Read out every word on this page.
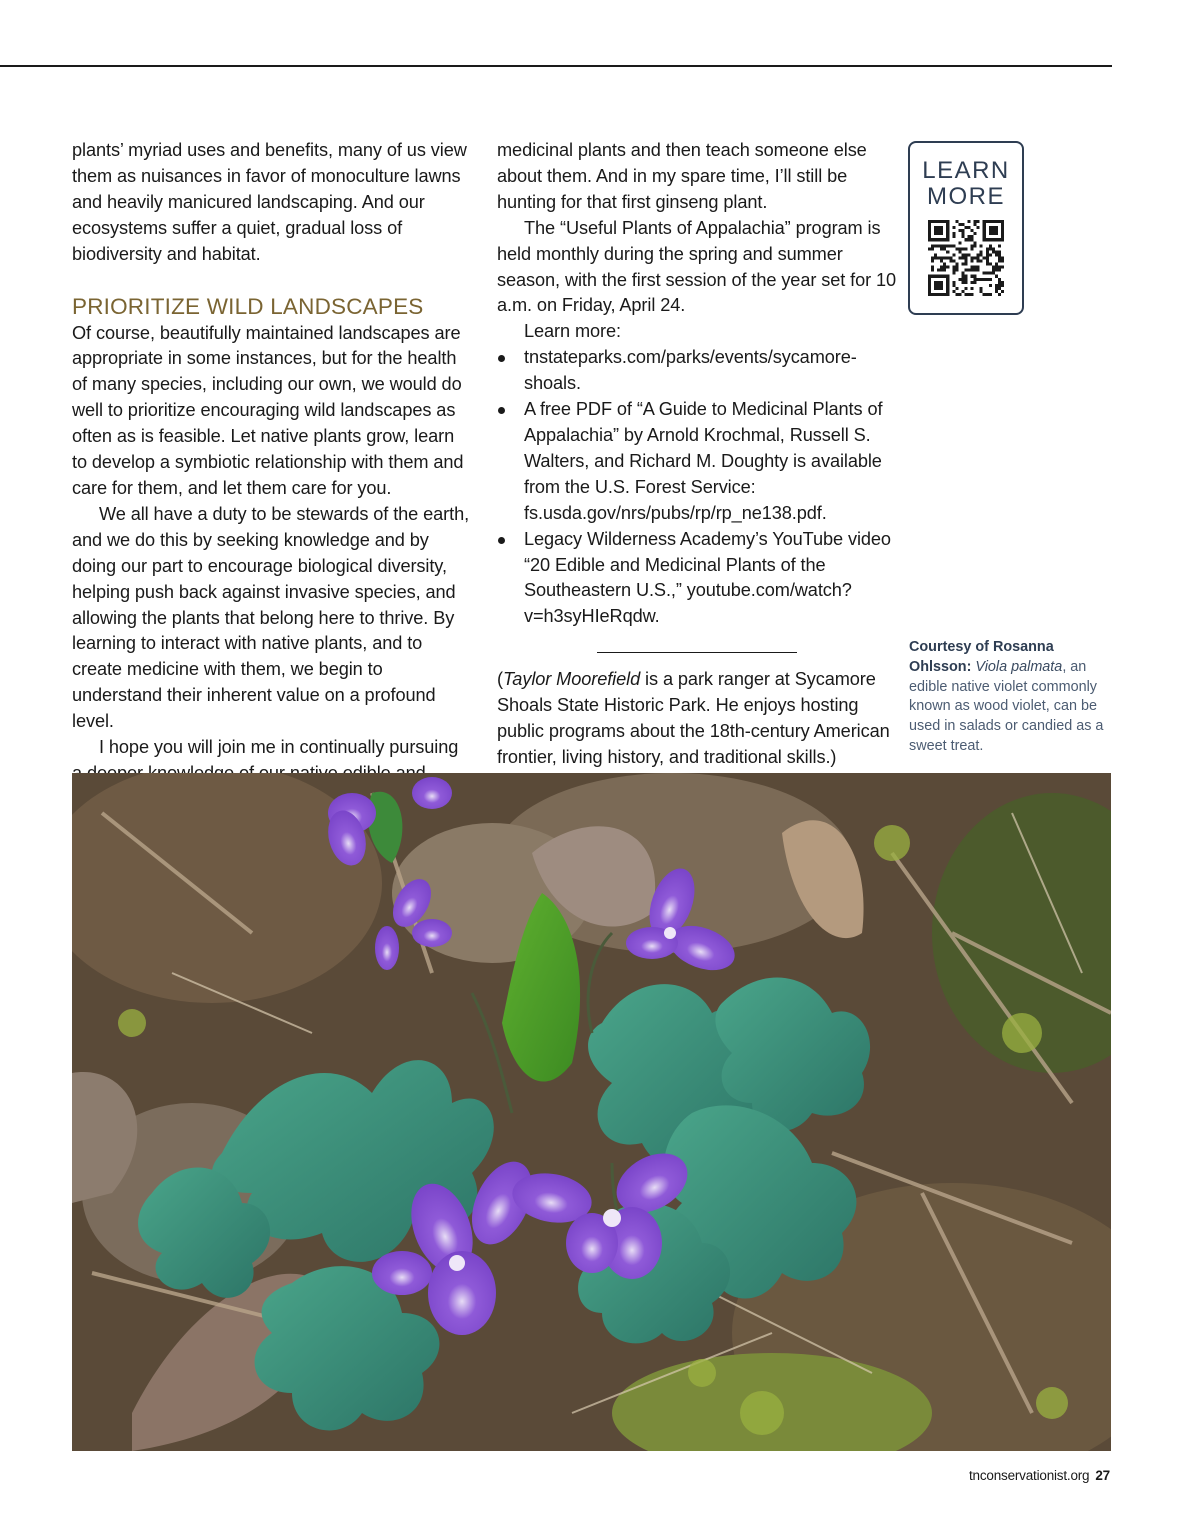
plants’ myriad uses and benefits, many of us view them as nuisances in favor of monoculture lawns and heavily manicured landscaping. And our ecosystems suffer a quiet, gradual loss of biodiversity and habitat.

PRIORITIZE WILD LANDSCAPES

Of course, beautifully maintained landscapes are appropriate in some instances, but for the health of many species, including our own, we would do well to prioritize encouraging wild landscapes as often as is feasible. Let native plants grow, learn to develop a symbiotic relationship with them and care for them, and let them care for you.

We all have a duty to be stewards of the earth, and we do this by seeking knowledge and by doing our part to encourage biological diversity, helping push back against invasive species, and allowing the plants that belong here to thrive. By learning to interact with native plants, and to create medicine with them, we begin to understand their inherent value on a profound level.

I hope you will join me in continually pursuing

medicinal plants and then teach someone else about them. And in my spare time, I’ll still be hunting for that first ginseng plant.

The “Useful Plants of Appalachia” program is held monthly during the spring and summer season, with the first session of the year set for 10 a.m. on Friday, April 24.

Learn more:

tnstateparks.com/parks/events/sycamore-shoals.
A free PDF of “A Guide to Medicinal Plants of Appalachia” by Arnold Krochmal, Russell S. Walters, and Richard M. Doughty is available from the U.S. Forest Service: fs.usda.gov/nrs/pubs/rp/rp_ne138.pdf.
Legacy Wilderness Academy’s YouTube video “20 Edible and Medicinal Plants of the Southeastern U.S.,” youtube.com/watch?v=h3syHIeRqdw.

(Taylor Moorefield is a park ranger at Sycamore Shoals State Historic Park. He enjoys hosting public programs about the 18th-century American frontier, living history, and traditional skills.)

LEARN
MORE
Courtesy of Rosanna Ohlsson: Viola palmata, an edible native violet commonly known as wood violet, can be used in salads or candied as a sweet treat.
tnconservationist.org 27
